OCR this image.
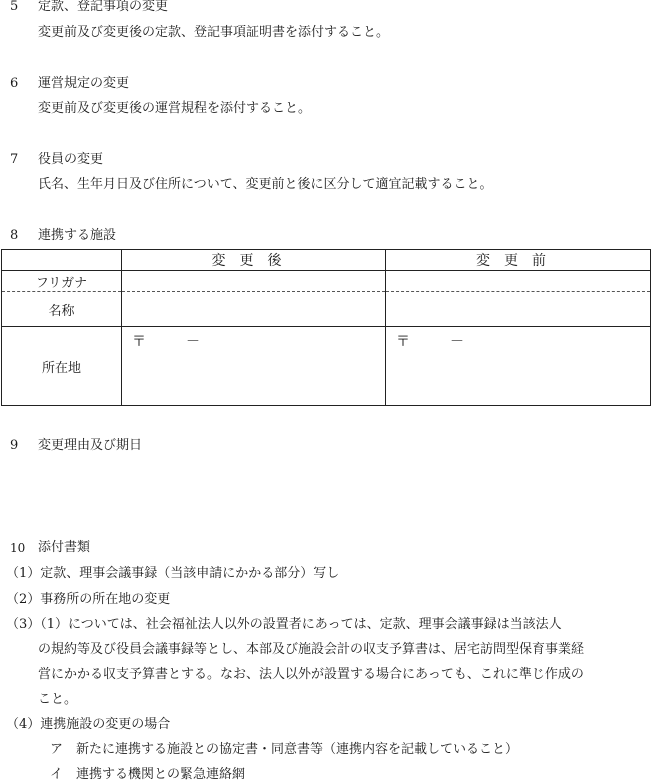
5 定款、登記事項の変更
変更前及び変更後の定款、登記事項証明書を添付すること。
6 運営規定の変更
変更前及び変更後の運営規程を添付すること。
7 役員の変更
氏名、生年月日及び住所について、変更前と後に区分して適宜記載すること。
8 連携する施設
	変更後	変更前
フリガナ		
名称		
所在地	〒 －	〒 －
9 変更理由及び期日
10 添付書類
（1）定款、理事会議事録（当該申請にかかる部分）写し
（2）事務所の所在地の変更
（3）（1）については、社会福祉法人以外の設置者にあっては、定款、理事会議事録は当該法人
の規約等及び役員会議事録等とし、本部及び施設会計の収支予算書は、居宅訪問型保育事業経
営にかかる収支予算書とする。なお、法人以外が設置する場合にあっても、これに準じ作成の
こと。
（4）連携施設の変更の場合
ア　新たに連携する施設との協定書・同意書等（連携内容を記載していること）
イ　連携する機関との緊急連絡網
